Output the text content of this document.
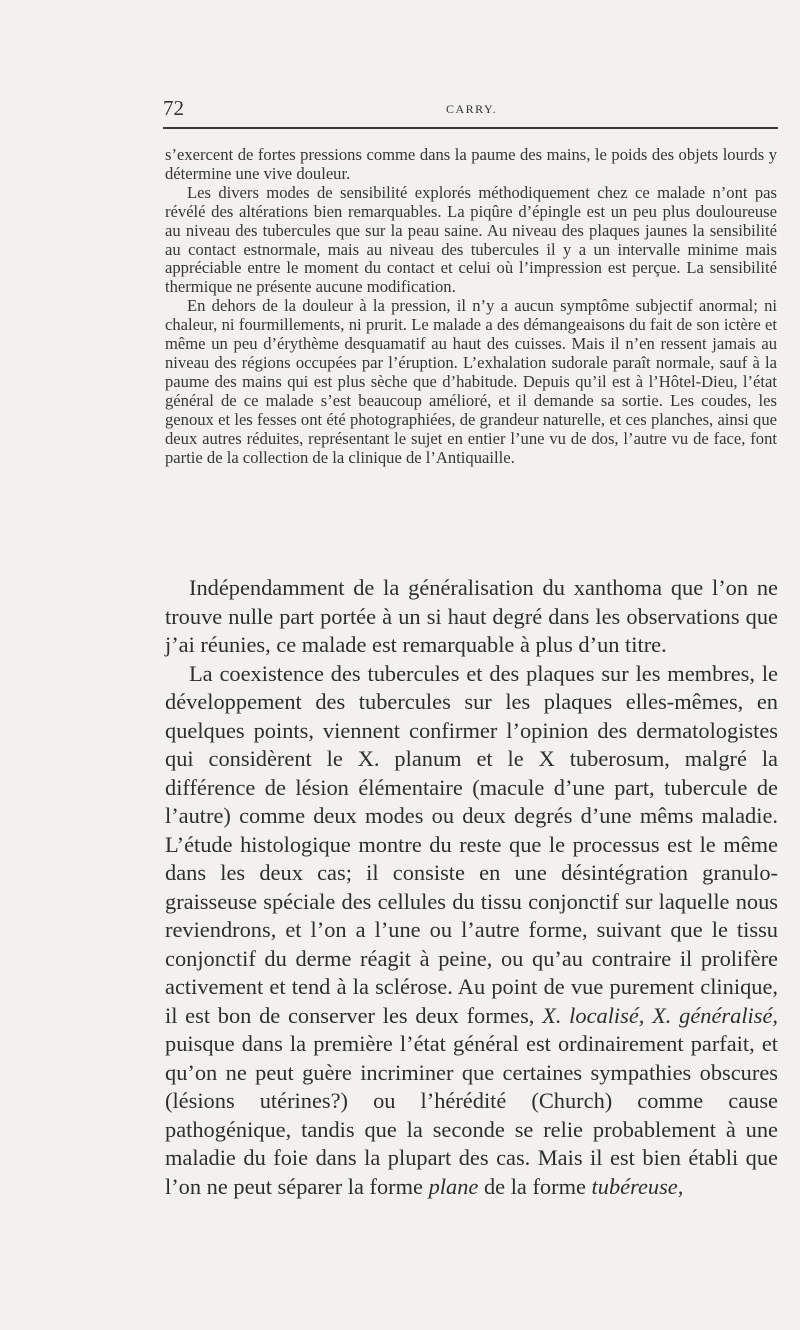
72	CARRY.

s’exercent de fortes pressions comme dans la paume des mains, le poids des objets lourds y détermine une vive douleur.

Les divers modes de sensibilité explorés méthodiquement chez ce malade n’ont pas révélé des altérations bien remarquables. La piqûre d’épingle est un peu plus douloureuse au niveau des tubercules que sur la peau saine. Au niveau des plaques jaunes la sensibilité au contact estnormale, mais au niveau des tubercules il y a un intervalle minime mais appréciable entre le moment du contact et celui où l’impression est perçue. La sensibilité thermique ne présente aucune modification.

En dehors de la douleur à la pression, il n’y a aucun symptôme subjectif anormal; ni chaleur, ni fourmillements, ni prurit. Le malade a des démangeaisons du fait de son ictère et même un peu d’érythème desquamatif au haut des cuisses. Mais il n’en ressent jamais au niveau des régions occupées par l’éruption. L’exhalation sudorale paraît normale, sauf à la paume des mains qui est plus sèche que d’habitude. Depuis qu’il est à l’Hôtel-Dieu, l’état général de ce malade s’est beaucoup amélioré, et il demande sa sortie. Les coudes, les genoux et les fesses ont été photographiées, de grandeur naturelle, et ces planches, ainsi que deux autres réduites, représentant le sujet en entier l’une vu de dos, l’autre vu de face, font partie de la collection de la clinique de l’Antiquaille.

Indépendamment de la généralisation du xanthoma que l’on ne trouve nulle part portée à un si haut degré dans les observations que j’ai réunies, ce malade est remarquable à plus d’un titre.

La coexistence des tubercules et des plaques sur les membres, le développement des tubercules sur les plaques elles-mêmes, en quelques points, viennent confirmer l’opinion des dermatologistes qui considèrent le X. planum et le X tuberosum, malgré la différence de lésion élémentaire (macule d’une part, tubercule de l’autre) comme deux modes ou deux degrés d’une mêms maladie. L’étude histologique montre du reste que le processus est le même dans les deux cas; il consiste en une désintégration granulo-graisseuse spéciale des cellules du tissu conjonctif sur laquelle nous reviendrons, et l’on a l’une ou l’autre forme, suivant que le tissu conjonctif du derme réagit à peine, ou qu’au contraire il prolifère activement et tend à la sclérose. Au point de vue purement clinique, il est bon de conserver les deux formes, X. localisé, X. généralisé, puisque dans la première l’état général est ordinairement parfait, et qu’on ne peut guère incriminer que certaines sympathies obscures (lésions utérines?) ou l’hérédité (Church) comme cause pathogénique, tandis que la seconde se relie probablement à une maladie du foie dans la plupart des cas. Mais il est bien établi que l’on ne peut séparer la forme plane de la forme tubéreuse,
